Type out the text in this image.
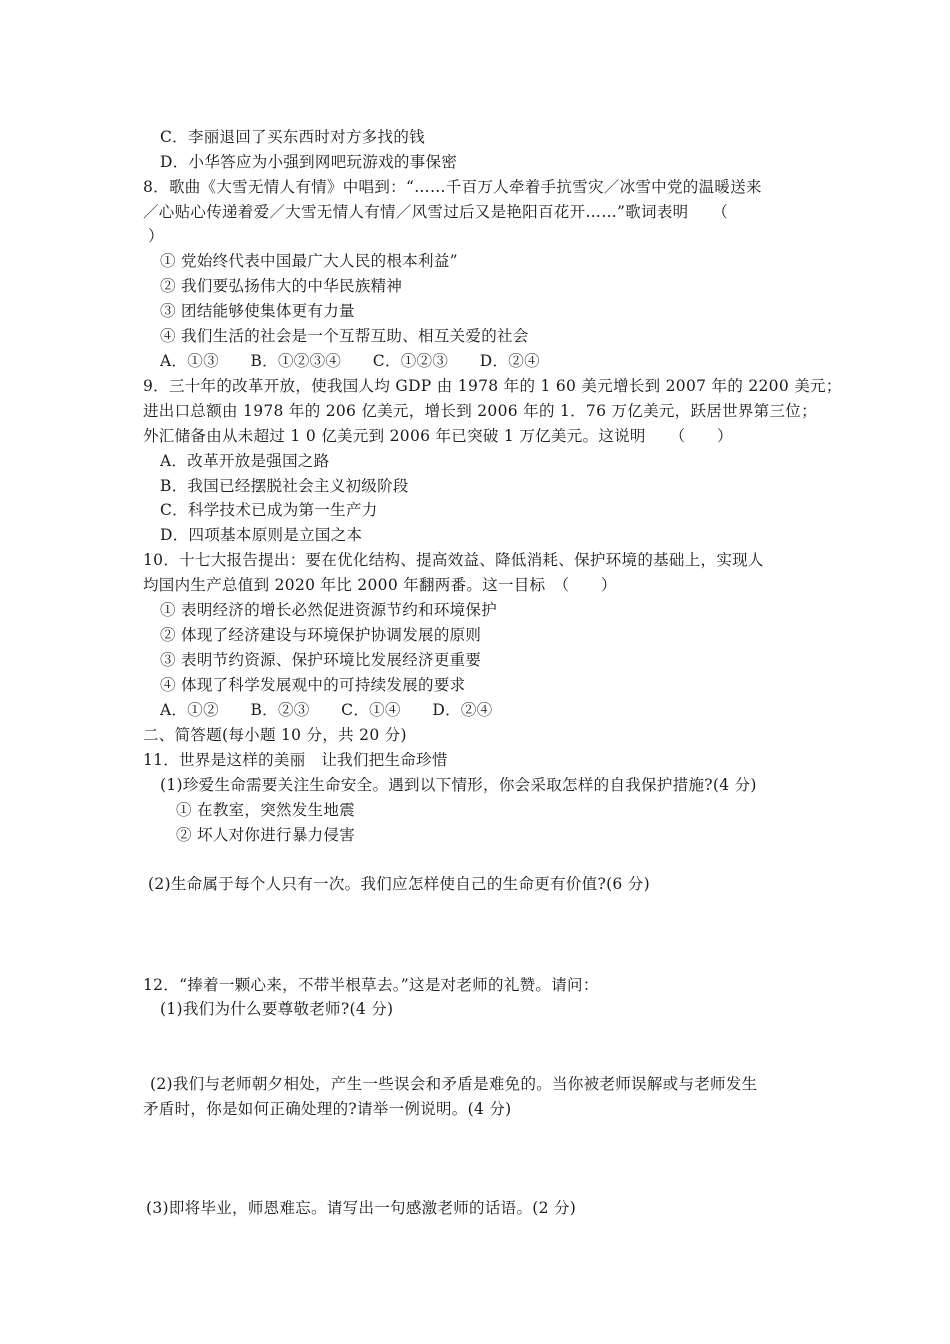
C．李丽退回了买东西时对方多找的钱
D．小华答应为小强到网吧玩游戏的事保密
8．歌曲《大雪无情人有情》中唱到：“……千百万人牵着手抗雪灾／冰雪中党的温暖送来
／心贴心传递着爱／大雪无情人有情／风雪过后又是艳阳百花开……”歌词表明　　（
）
① 党始终代表中国最广大人民的根本利益”
② 我们要弘扬伟大的中华民族精神
③ 团结能够使集体更有力量
④ 我们生活的社会是一个互帮互助、相互关爱的社会
A．①③　　B．①②③④　　C．①②③　　D．②④
9．三十年的改革开放，使我国人均 GDP 由 1978 年的 1 60 美元增长到 2007 年的 2200 美元；
进出口总额由 1978 年的 206 亿美元，增长到 2006 年的 1．76 万亿美元，跃居世界第三位；
外汇储备由从未超过 1 0 亿美元到 2006 年已突破 1 万亿美元。这说明　　（　　）
A．改革开放是强国之路
B．我国已经摆脱社会主义初级阶段
C．科学技术已成为第一生产力
D．四项基本原则是立国之本
10．十七大报告提出：要在优化结构、提高效益、降低消耗、保护环境的基础上，实现人
均国内生产总值到 2020 年比 2000 年翻两番。这一目标　（　　）
① 表明经济的增长必然促进资源节约和环境保护
② 体现了经济建设与环境保护协调发展的原则
③ 表明节约资源、保护环境比发展经济更重要
④ 体现了科学发展观中的可持续发展的要求
A．①②　　B．②③　　C．①④　　D．②④
二、简答题(每小题 10 分，共 20 分)
11．世界是这样的美丽　让我们把生命珍惜
(1)珍爱生命需要关注生命安全。遇到以下情形，你会采取怎样的自我保护措施?(4 分)
① 在教室，突然发生地震
② 坏人对你进行暴力侵害
(2)生命属于每个人只有一次。我们应怎样使自己的生命更有价值?(6 分)
12．“捧着一颗心来，不带半根草去。”这是对老师的礼赞。请问：
(1)我们为什么要尊敬老师?(4 分)
(2)我们与老师朝夕相处，产生一些误会和矛盾是难免的。当你被老师误解或与老师发生
矛盾时，你是如何正确处理的?请举一例说明。(4 分)
(3)即将毕业，师恩难忘。请写出一句感激老师的话语。(2 分)
